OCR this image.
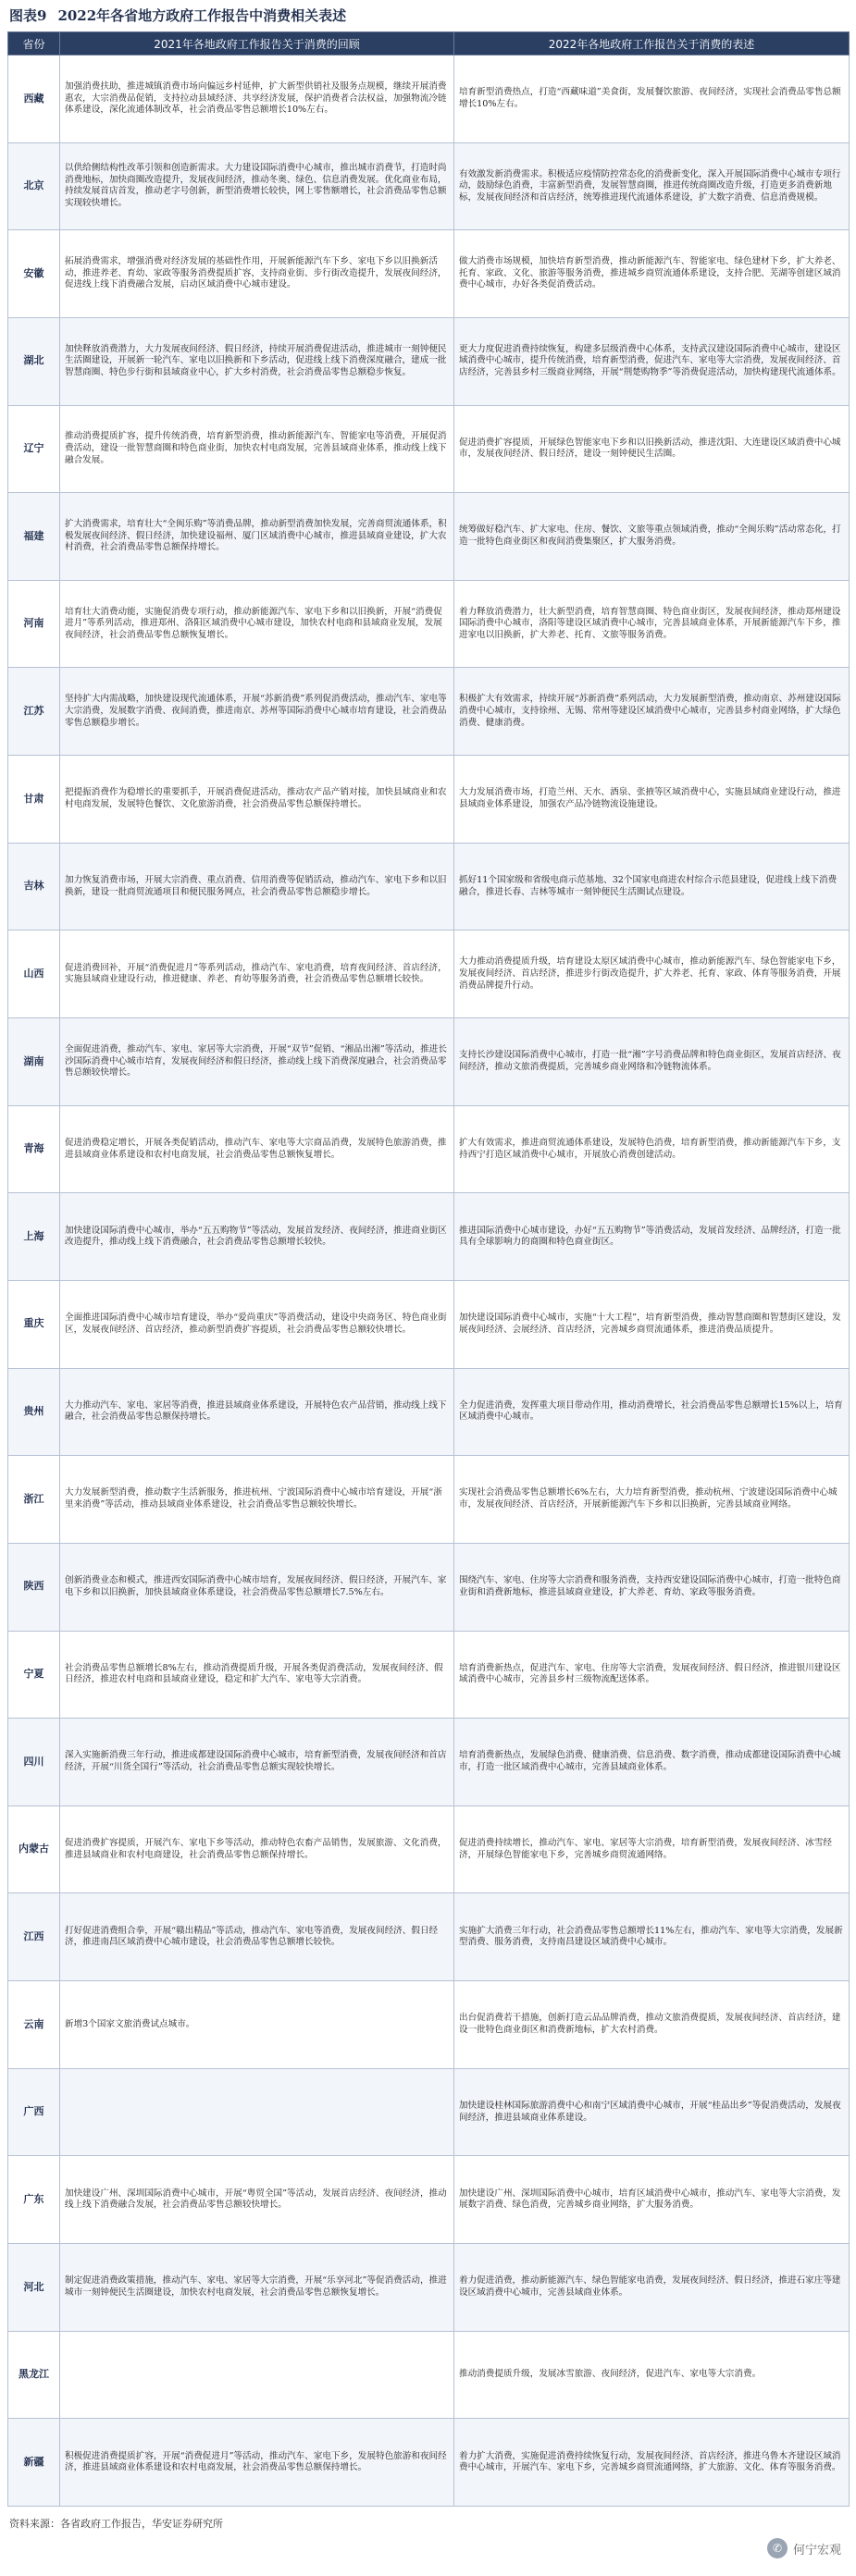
图表9 2022年各省地方政府工作报告中消费相关表述
省份	2021年各地政府工作报告关于消费的回顾	2022年各地政府工作报告关于消费的表述
西藏	加强消费扶助，推进城镇消费市场向偏远乡村延伸，扩大新型供销社及服务点规模，继续开展消费惠农，大宗消费品促销，支持拉动县域经济、共享经济发展，保护消费者合法权益，加强物流冷链体系建设，深化流通体制改革，社会消费品零售总额增长10%左右。	培育新型消费热点，打造“西藏味道”美食街，发展餐饮旅游、夜间经济，实现社会消费品零售总额增长10%左右。
北京	以供给侧结构性改革引领和创造新需求。大力建设国际消费中心城市，推出城市消费节，打造时尚消费地标，加快商圈改造提升，发展夜间经济，推动冬奥、绿色、信息消费发展。优化商业布局，持续发展首店首发，推动老字号创新，新型消费增长较快，网上零售额增长，社会消费品零售总额实现较快增长。	有效激发新消费需求。积极适应疫情防控常态化的消费新变化，深入开展国际消费中心城市专项行动，鼓励绿色消费，丰富新型消费，发展智慧商圈，推进传统商圈改造升级，打造更多消费新地标，发展夜间经济和首店经济，统筹推进现代流通体系建设，扩大数字消费、信息消费规模。
安徽	拓展消费需求，增强消费对经济发展的基础性作用，开展新能源汽车下乡、家电下乡以旧换新活动，推进养老、育幼、家政等服务消费提质扩容，支持商业街、步行街改造提升，发展夜间经济，促进线上线下消费融合发展，启动区域消费中心城市建设。	做大消费市场规模，加快培育新型消费，推动新能源汽车、智能家电、绿色建材下乡，扩大养老、托育、家政、文化、旅游等服务消费，推进城乡商贸流通体系建设，支持合肥、芜湖等创建区域消费中心城市，办好各类促消费活动。
湖北	加快释放消费潜力，大力发展夜间经济、假日经济，持续开展消费促进活动，推进城市一刻钟便民生活圈建设，开展新一轮汽车、家电以旧换新和下乡活动，促进线上线下消费深度融合，建成一批智慧商圈、特色步行街和县域商业中心，扩大乡村消费，社会消费品零售总额稳步恢复。	更大力度促进消费持续恢复，构建多层级消费中心体系，支持武汉建设国际消费中心城市，建设区域消费中心城市，提升传统消费，培育新型消费，促进汽车、家电等大宗消费，发展夜间经济、首店经济，完善县乡村三级商业网络，开展“荆楚购物季”等消费促进活动，加快构建现代流通体系。
辽宁	推动消费提质扩容，提升传统消费，培育新型消费，推动新能源汽车、智能家电等消费，开展促消费活动，建设一批智慧商圈和特色商业街，加快农村电商发展，完善县域商业体系，推动线上线下融合发展。	促进消费扩容提质，开展绿色智能家电下乡和以旧换新活动，推进沈阳、大连建设区域消费中心城市，发展夜间经济、假日经济，建设一刻钟便民生活圈。
福建	扩大消费需求，培育壮大“全闽乐购”等消费品牌，推动新型消费加快发展，完善商贸流通体系，积极发展夜间经济、假日经济，加快建设福州、厦门区域消费中心城市，推进县域商业建设，扩大农村消费，社会消费品零售总额保持增长。	统筹做好稳汽车、扩大家电、住房、餐饮、文旅等重点领域消费，推动“全闽乐购”活动常态化，打造一批特色商业街区和夜间消费集聚区，扩大服务消费。
河南	培育壮大消费动能，实施促消费专项行动，推动新能源汽车、家电下乡和以旧换新，开展“消费促进月”等系列活动，推进郑州、洛阳区域消费中心城市建设，加快农村电商和县域商业发展，发展夜间经济，社会消费品零售总额恢复增长。	着力释放消费潜力，壮大新型消费，培育智慧商圈、特色商业街区，发展夜间经济，推动郑州建设国际消费中心城市，洛阳等建设区域消费中心城市，完善县域商业体系，开展新能源汽车下乡，推进家电以旧换新，扩大养老、托育、文旅等服务消费。
江苏	坚持扩大内需战略，加快建设现代流通体系，开展“苏新消费”系列促消费活动，推动汽车、家电等大宗消费，发展数字消费、夜间消费，推进南京、苏州等国际消费中心城市培育建设，社会消费品零售总额稳步增长。	积极扩大有效需求，持续开展“苏新消费”系列活动，大力发展新型消费，推动南京、苏州建设国际消费中心城市，支持徐州、无锡、常州等建设区域消费中心城市，完善县乡村商业网络，扩大绿色消费、健康消费。
甘肃	把提振消费作为稳增长的重要抓手，开展消费促进活动，推动农产品产销对接，加快县域商业和农村电商发展，发展特色餐饮、文化旅游消费，社会消费品零售总额保持增长。	大力发展消费市场，打造兰州、天水、酒泉、张掖等区域消费中心，实施县域商业建设行动，推进县域商业体系建设，加强农产品冷链物流设施建设。
吉林	加力恢复消费市场，开展大宗消费、重点消费、信用消费等促销活动，推动汽车、家电下乡和以旧换新，建设一批商贸流通项目和便民服务网点，社会消费品零售总额稳步增长。	抓好11个国家级和省级电商示范基地、32个国家电商进农村综合示范县建设，促进线上线下消费融合，推进长春、吉林等城市一刻钟便民生活圈试点建设。
山西	促进消费回补，开展“消费促进月”等系列活动，推动汽车、家电消费，培育夜间经济、首店经济，实施县域商业建设行动，推进健康、养老、育幼等服务消费，社会消费品零售总额增长较快。	大力推动消费提质升级，培育建设太原区域消费中心城市，推动新能源汽车、绿色智能家电下乡，发展夜间经济、首店经济，推进步行街改造提升，扩大养老、托育、家政、体育等服务消费，开展消费品牌提升行动。
湖南	全面促进消费，推动汽车、家电、家居等大宗消费，开展“双节”促销、“湘品出湘”等活动，推进长沙国际消费中心城市培育，发展夜间经济和假日经济，推动线上线下消费深度融合，社会消费品零售总额较快增长。	支持长沙建设国际消费中心城市，打造一批“湘”字号消费品牌和特色商业街区，发展首店经济、夜间经济，推动文旅消费提质，完善城乡商业网络和冷链物流体系。
青海	促进消费稳定增长，开展各类促销活动，推动汽车、家电等大宗商品消费，发展特色旅游消费，推进县域商业体系建设和农村电商发展，社会消费品零售总额恢复增长。	扩大有效需求，推进商贸流通体系建设，发展特色消费，培育新型消费，推动新能源汽车下乡，支持西宁打造区域消费中心城市，开展放心消费创建活动。
上海	加快建设国际消费中心城市，举办“五五购物节”等活动，发展首发经济、夜间经济，推进商业街区改造提升，推动线上线下消费融合，社会消费品零售总额增长较快。	推进国际消费中心城市建设，办好“五五购物节”等消费活动，发展首发经济、品牌经济，打造一批具有全球影响力的商圈和特色商业街区。
重庆	全面推进国际消费中心城市培育建设，举办“爱尚重庆”等消费活动，建设中央商务区、特色商业街区，发展夜间经济、首店经济，推动新型消费扩容提质，社会消费品零售总额较快增长。	加快建设国际消费中心城市，实施“十大工程”，培育新型消费，推动智慧商圈和智慧街区建设，发展夜间经济、会展经济、首店经济，完善城乡商贸流通体系，推进消费品质提升。
贵州	大力推动汽车、家电、家居等消费，推进县域商业体系建设，开展特色农产品营销，推动线上线下融合，社会消费品零售总额保持增长。	全力促进消费，发挥重大项目带动作用，推动消费增长，社会消费品零售总额增长15%以上，培育区域消费中心城市。
浙江	大力发展新型消费，推动数字生活新服务，推进杭州、宁波国际消费中心城市培育建设，开展“浙里来消费”等活动，推动县域商业体系建设，社会消费品零售总额较快增长。	实现社会消费品零售总额增长6%左右，大力培育新型消费，推动杭州、宁波建设国际消费中心城市，发展夜间经济、首店经济，开展新能源汽车下乡和以旧换新，完善县域商业网络。
陕西	创新消费业态和模式，推进西安国际消费中心城市培育，发展夜间经济、假日经济，开展汽车、家电下乡和以旧换新，加快县域商业体系建设，社会消费品零售总额增长7.5%左右。	围绕汽车、家电、住房等大宗消费和服务消费，支持西安建设国际消费中心城市，打造一批特色商业街和消费新地标，推进县域商业建设，扩大养老、育幼、家政等服务消费。
宁夏	社会消费品零售总额增长8%左右，推动消费提质升级，开展各类促消费活动，发展夜间经济、假日经济，推进农村电商和县域商业建设，稳定和扩大汽车、家电等大宗消费。	培育消费新热点，促进汽车、家电、住房等大宗消费，发展夜间经济、假日经济，推进银川建设区域消费中心城市，完善县乡村三级物流配送体系。
四川	深入实施新消费三年行动，推进成都建设国际消费中心城市，培育新型消费，发展夜间经济和首店经济，开展“川货全国行”等活动，社会消费品零售总额实现较快增长。	培育消费新热点，发展绿色消费、健康消费、信息消费、数字消费，推动成都建设国际消费中心城市，打造一批区域消费中心城市，完善县域商业体系。
内蒙古	促进消费扩容提质，开展汽车、家电下乡等活动，推动特色农畜产品销售，发展旅游、文化消费，推进县域商业和农村电商建设，社会消费品零售总额保持增长。	促进消费持续增长，推动汽车、家电、家居等大宗消费，培育新型消费，发展夜间经济、冰雪经济，开展绿色智能家电下乡，完善城乡商贸流通网络。
江西	打好促进消费组合拳，开展“赣出精品”等活动，推动汽车、家电等消费，发展夜间经济、假日经济，推进南昌区域消费中心城市建设，社会消费品零售总额增长较快。	实施扩大消费三年行动，社会消费品零售总额增长11%左右，推动汽车、家电等大宗消费，发展新型消费、服务消费，支持南昌建设区域消费中心城市。
云南	新增3个国家文旅消费试点城市。	出台促消费若干措施，创新打造云品品牌消费，推动文旅消费提质，发展夜间经济、首店经济，建设一批特色商业街区和消费新地标，扩大农村消费。
广西		加快建设桂林国际旅游消费中心和南宁区域消费中心城市，开展“桂品出乡”等促消费活动，发展夜间经济，推进县域商业体系建设。
广东	加快建设广州、深圳国际消费中心城市，开展“粤贸全国”等活动，发展首店经济、夜间经济，推动线上线下消费融合发展，社会消费品零售总额较快增长。	加快建设广州、深圳国际消费中心城市，培育区域消费中心城市，推动汽车、家电等大宗消费，发展数字消费、绿色消费，完善城乡商业网络，扩大服务消费。
河北	制定促进消费政策措施，推动汽车、家电、家居等大宗消费，开展“乐享河北”等促消费活动，推进城市一刻钟便民生活圈建设，加快农村电商发展，社会消费品零售总额恢复增长。	着力促进消费，推动新能源汽车、绿色智能家电消费，发展夜间经济、假日经济，推进石家庄等建设区域消费中心城市，完善县域商业体系。
黑龙江		推动消费提质升级，发展冰雪旅游、夜间经济，促进汽车、家电等大宗消费。
新疆	积极促进消费提质扩容，开展“消费促进月”等活动，推动汽车、家电下乡，发展特色旅游和夜间经济，推进县域商业体系建设和农村电商发展，社会消费品零售总额保持增长。	着力扩大消费，实施促进消费持续恢复行动，发展夜间经济、首店经济，推进乌鲁木齐建设区域消费中心城市，开展汽车、家电下乡，完善城乡商贸流通网络，扩大旅游、文化、体育等服务消费。
资料来源：各省政府工作报告，华安证券研究所
✆ 何宁宏观
